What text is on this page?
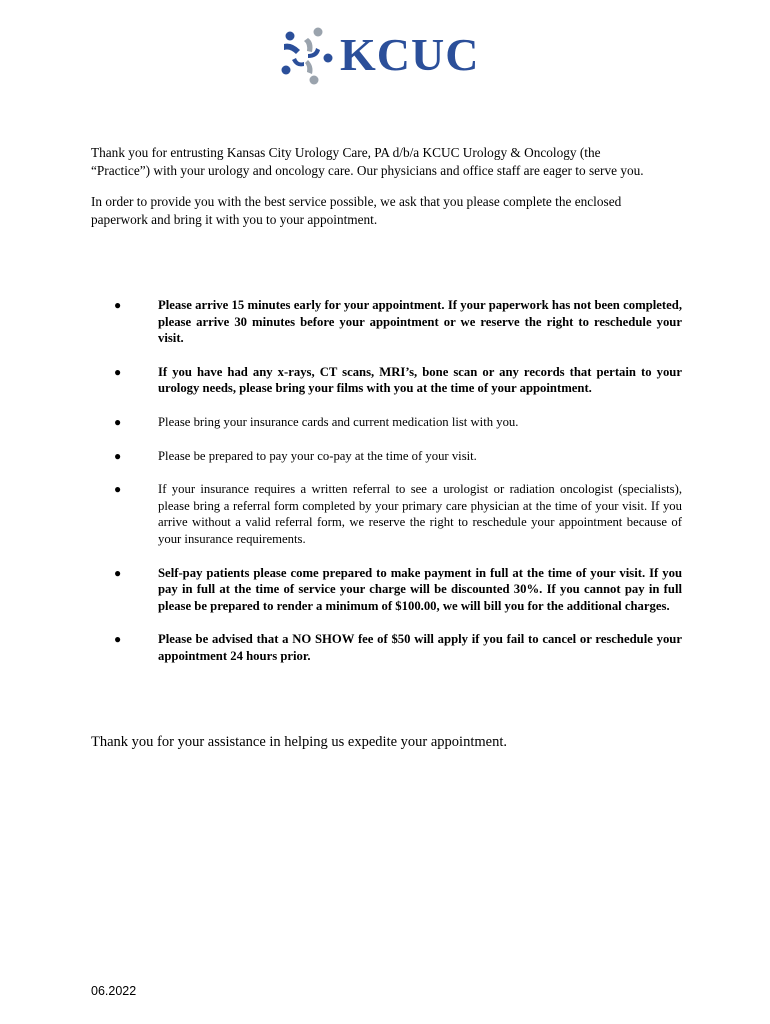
KCUC

Thank you for entrusting Kansas City Urology Care, PA d/b/a KCUC Urology & Oncology (the “Practice”) with your urology and oncology care. Our physicians and office staff are eager to serve you.

In order to provide you with the best service possible, we ask that you please complete the enclosed paperwork and bring it with you to your appointment.

●	Please arrive 15 minutes early for your appointment. If your paperwork has not been completed, please arrive 30 minutes before your appointment or we reserve the right to reschedule your visit.
●	If you have had any x-rays, CT scans, MRI’s, bone scan or any records that pertain to your urology needs, please bring your films with you at the time of your appointment.
●	Please bring your insurance cards and current medication list with you.
●	Please be prepared to pay your co-pay at the time of your visit.
●	If your insurance requires a written referral to see a urologist or radiation oncologist (specialists), please bring a referral form completed by your primary care physician at the time of your visit. If you arrive without a valid referral form, we reserve the right to reschedule your appointment because of your insurance requirements.
●	Self-pay patients please come prepared to make payment in full at the time of your visit. If you pay in full at the time of service your charge will be discounted 30%. If you cannot pay in full please be prepared to render a minimum of $100.00, we will bill you for the additional charges.
●	Please be advised that a NO SHOW fee of $50 will apply if you fail to cancel or reschedule your appointment 24 hours prior.
Thank you for your assistance in helping us expedite your appointment.
06.2022
